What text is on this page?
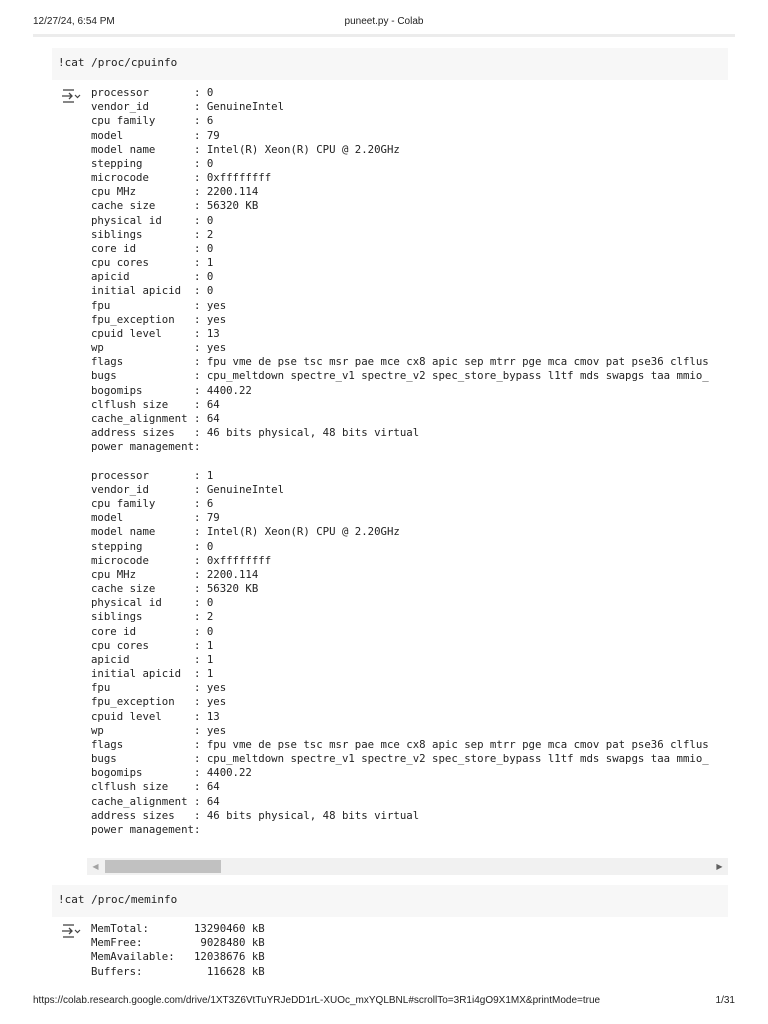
12/27/24, 6:54 PM	puneet.py - Colab
!cat /proc/cpuinfo
processor       : 0
vendor_id       : GenuineIntel
cpu family      : 6
model           : 79
model name      : Intel(R) Xeon(R) CPU @ 2.20GHz
stepping        : 0
microcode       : 0xffffffff
cpu MHz         : 2200.114
cache size      : 56320 KB
physical id     : 0
siblings        : 2
core id         : 0
cpu cores       : 1
apicid          : 0
initial apicid  : 0
fpu             : yes
fpu_exception   : yes
cpuid level     : 13
wp              : yes
flags           : fpu vme de pse tsc msr pae mce cx8 apic sep mtrr pge mca cmov pat pse36 clflus
bugs            : cpu_meltdown spectre_v1 spectre_v2 spec_store_bypass l1tf mds swapgs taa mmio_
bogomips        : 4400.22
clflush size    : 64
cache_alignment : 64
address sizes   : 46 bits physical, 48 bits virtual
power management:
processor       : 1
vendor_id       : GenuineIntel
cpu family      : 6
model           : 79
model name      : Intel(R) Xeon(R) CPU @ 2.20GHz
stepping        : 0
microcode       : 0xffffffff
cpu MHz         : 2200.114
cache size      : 56320 KB
physical id     : 0
siblings        : 2
core id         : 0
cpu cores       : 1
apicid          : 1
initial apicid  : 1
fpu             : yes
fpu_exception   : yes
cpuid level     : 13
wp              : yes
flags           : fpu vme de pse tsc msr pae mce cx8 apic sep mtrr pge mca cmov pat pse36 clflus
bugs            : cpu_meltdown spectre_v1 spectre_v2 spec_store_bypass l1tf mds swapgs taa mmio_
bogomips        : 4400.22
clflush size    : 64
cache_alignment : 64
address sizes   : 46 bits physical, 48 bits virtual
power management:
◀	▶
!cat /proc/meminfo
MemTotal:       13290460 kB
MemFree:         9028480 kB
MemAvailable:   12038676 kB
Buffers:          116628 kB
https://colab.research.google.com/drive/1XT3Z6VtTuYRJeDD1rL-XUOc_mxYQLBNL#scrollTo=3R1i4gO9X1MX&printMode=true	1/31
